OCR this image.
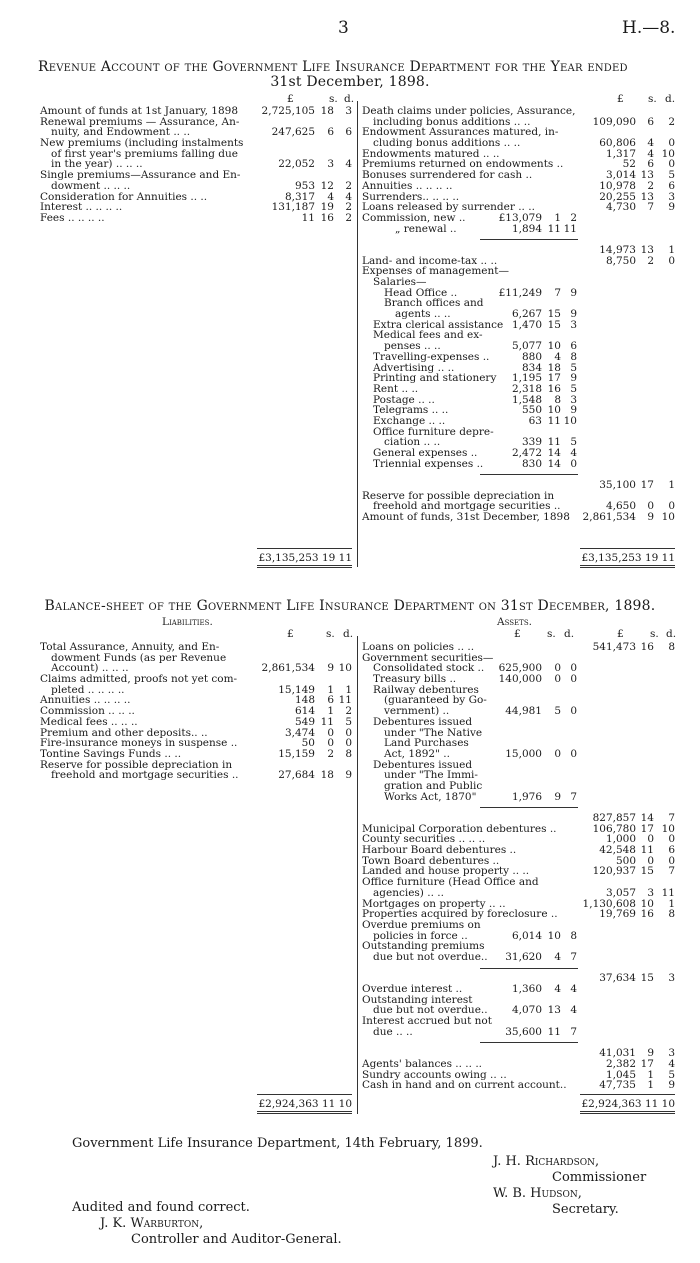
3	H.—8.
Revenue Account of the Government Life Insurance Department for the Year ended
31st December, 1898.
£	s. d.	£ s. d.
Amount of funds at 1st January, 1898	2,725,105 18	3
Renewal premiums — Assurance, An-
nuity, and Endowment .. ..	247,625	6	6
New premiums (including instalments
of first year's premiums falling due
in the year) .. .. ..	22,052	3	4
Single premiums—Assurance and En-
dowment .. .. ..	953 12	2
Consideration for Annuities .. ..	8,317	4	4
Interest .. .. .. ..	131,187 19	2
Fees .. .. .. ..	11 16	2
Death claims under policies, Assurance,
including bonus additions .. ..	109,090	6	2
Endowment Assurances matured, in-
cluding bonus additions .. ..	60,806	4	0
Endowments matured .. ..	1,317	4 10
Premiums returned on endowments ..	52	6	0
Bonuses surrendered for cash ..	3,014 13	5
Annuities .. .. .. ..	10,978	2	6
Surrenders.. .. .. ..	20,255 13	3
Loans released by surrender .. ..	4,730	7	9
Commission, new ..	£13,079	1 2
„ renewal ..	1,894 11 11
14,973 13	1
Land- and income-tax .. ..	8,750	2	0
Expenses of management—
Salaries—
Head Office ..	£11,249	7 9
Branch offices and
agents .. ..	6,267 15 9
Extra clerical assistance 1,470 15 3
Medical fees and ex-
penses .. ..	5,077 10 6
Travelling-expenses ..	880	4 8
Advertising .. ..	834 18 5
Printing and stationery	1,195 17 9
Rent .. ..	2,318 16 5
Postage .. ..	1,548	8 3
Telegrams .. ..	550 10 9
Exchange .. ..	63 11 10
Office furniture depre-
ciation .. ..	339 11 5
General expenses ..	2,472 14 4
Triennial expenses ..	830 14 0
35,100 17	1
Reserve for possible depreciation in
freehold and mortgage securities ..	4,650	0	0
Amount of funds, 31st December, 1898	2,861,534	9 10
£3,135,253 19 11	£3,135,253 19 11
Balance-sheet of the Government Life Insurance Department on 31st December, 1898.
Liabilities.	Assets.
£	s. d.	£	s. d.	£	s. d.
Total Assurance, Annuity, and En-
dowment Funds (as per Revenue
Account) .. .. ..	2,861,534	9 10
Claims admitted, proofs not yet com-
pleted .. .. .. ..	15,149	1	1
Annuities .. .. .. ..	148	6 11
Commission .. .. ..	614	1	2
Medical fees .. .. ..	549 11	5
Premium and other deposits.. ..	3,474	0	0
Fire-insurance moneys in suspense ..	50	0	0
Tontine Savings Funds .. ..	15,159	2	8
Reserve for possible depreciation in
freehold and mortgage securities ..	27,684 18	9
Loans on policies .. ..	541,473 16	8
Government securities—
Consolidated stock ..	625,900	0 0
Treasury bills ..	140,000	0 0
Railway debentures
(guaranteed by Go-
vernment) ..	44,981	5 0
Debentures issued
under "The Native
Land Purchases
Act, 1892" ..	15,000	0 0
Debentures issued
under "The Immi-
gration and Public
Works Act, 1870"	1,976	9 7
827,857 14	7
Municipal Corporation debentures ..	106,780 17 10
County securities .. .. ..	1,000	0	0
Harbour Board debentures ..	42,548 11	6
Town Board debentures ..	500	0	0
Landed and house property .. ..	120,937 15	7
Office furniture (Head Office and
agencies) .. ..	3,057	3 11
Mortgages on property .. ..	1,130,608 10	1
Properties acquired by foreclosure ..	19,769 16	8
Overdue premiums on
policies in force ..	6,014 10 8
Outstanding premiums
due but not overdue..	31,620	4 7
37,634 15	3
Overdue interest ..	1,360	4 4
Outstanding interest
due but not overdue..	4,070 13 4
Interest accrued but not
due .. ..	35,600 11 7
41,031	9	3
Agents' balances .. .. ..	2,382 17	4
Sundry accounts owing .. ..	1,045	1	5
Cash in hand and on current account..	47,735	1	9
£2,924,363 11 10	£2,924,363 11 10
Government Life Insurance Department, 14th February, 1899.
J. H. Richardson,
Commissioner
W. B. Hudson,
Secretary.
Audited and found correct.
J. K. Warburton,
Controller and Auditor-General.
